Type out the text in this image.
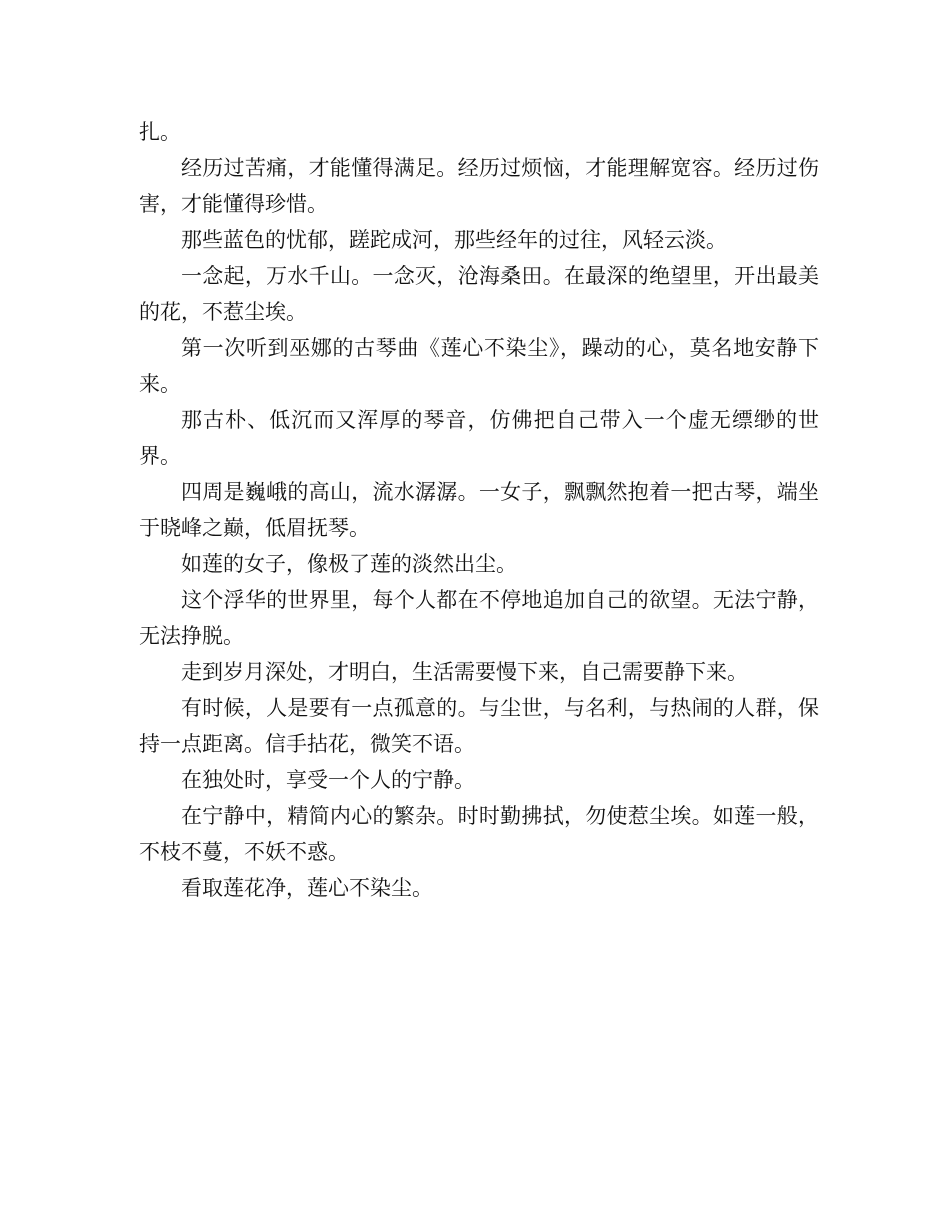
扎。

经历过苦痛，才能懂得满足。经历过烦恼，才能理解宽容。经历过伤害，才能懂得珍惜。

那些蓝色的忧郁，蹉跎成河，那些经年的过往，风轻云淡。

一念起，万水千山。一念灭，沧海桑田。在最深的绝望里，开出最美的花，不惹尘埃。

第一次听到巫娜的古琴曲《莲心不染尘》，躁动的心，莫名地安静下来。

那古朴、低沉而又浑厚的琴音，仿佛把自己带入一个虚无缥缈的世界。

四周是巍峨的高山，流水潺潺。一女子，飘飘然抱着一把古琴，端坐于晓峰之巅，低眉抚琴。

如莲的女子，像极了莲的淡然出尘。

这个浮华的世界里，每个人都在不停地追加自己的欲望。无法宁静，无法挣脱。

走到岁月深处，才明白，生活需要慢下来，自己需要静下来。

有时候，人是要有一点孤意的。与尘世，与名利，与热闹的人群，保持一点距离。信手拈花，微笑不语。

在独处时，享受一个人的宁静。

在宁静中，精简内心的繁杂。时时勤拂拭，勿使惹尘埃。如莲一般，不枝不蔓，不妖不惑。

看取莲花净，莲心不染尘。
